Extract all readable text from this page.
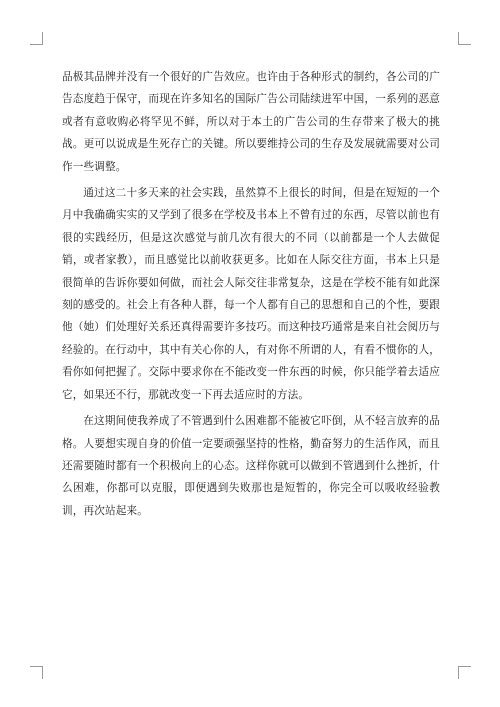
品极其品牌并没有一个很好的广告效应。也许由于各种形式的制约，各公司的广告态度趋于保守，而现在许多知名的国际广告公司陆续进军中国，一系列的恶意或者有意收购必将罕见不鲜，所以对于本土的广告公司的生存带来了极大的挑战。更可以说成是生死存亡的关键。所以要维持公司的生存及发展就需要对公司作一些调整。

通过这二十多天来的社会实践，虽然算不上很长的时间，但是在短短的一个月中我确确实实的又学到了很多在学校及书本上不曾有过的东西，尽管以前也有很的实践经历，但是这次感觉与前几次有很大的不同（以前都是一个人去做促销，或者家教），而且感觉比以前收获更多。比如在人际交往方面，书本上只是很简单的告诉你要如何做，而社会人际交往非常复杂，这是在学校不能有如此深刻的感受的。社会上有各种人群，每一个人都有自己的思想和自己的个性，要跟他（她）们处理好关系还真得需要许多技巧。而这种技巧通常是来自社会阅历与经验的。在行动中，其中有关心你的人，有对你不所谓的人，有看不惯你的人，看你如何把握了。交际中要求你在不能改变一件东西的时候，你只能学着去适应它，如果还不行，那就改变一下再去适应时的方法。

在这期间使我养成了不管遇到什么困难都不能被它吓倒，从不轻言放弃的品格。人要想实现自身的价值一定要顽强坚持的性格，勤奋努力的生活作风，而且还需要随时都有一个积极向上的心态。这样你就可以做到不管遇到什么挫折，什么困难，你都可以克服，即便遇到失败那也是短暂的，你完全可以吸收经验教训，再次站起来。
